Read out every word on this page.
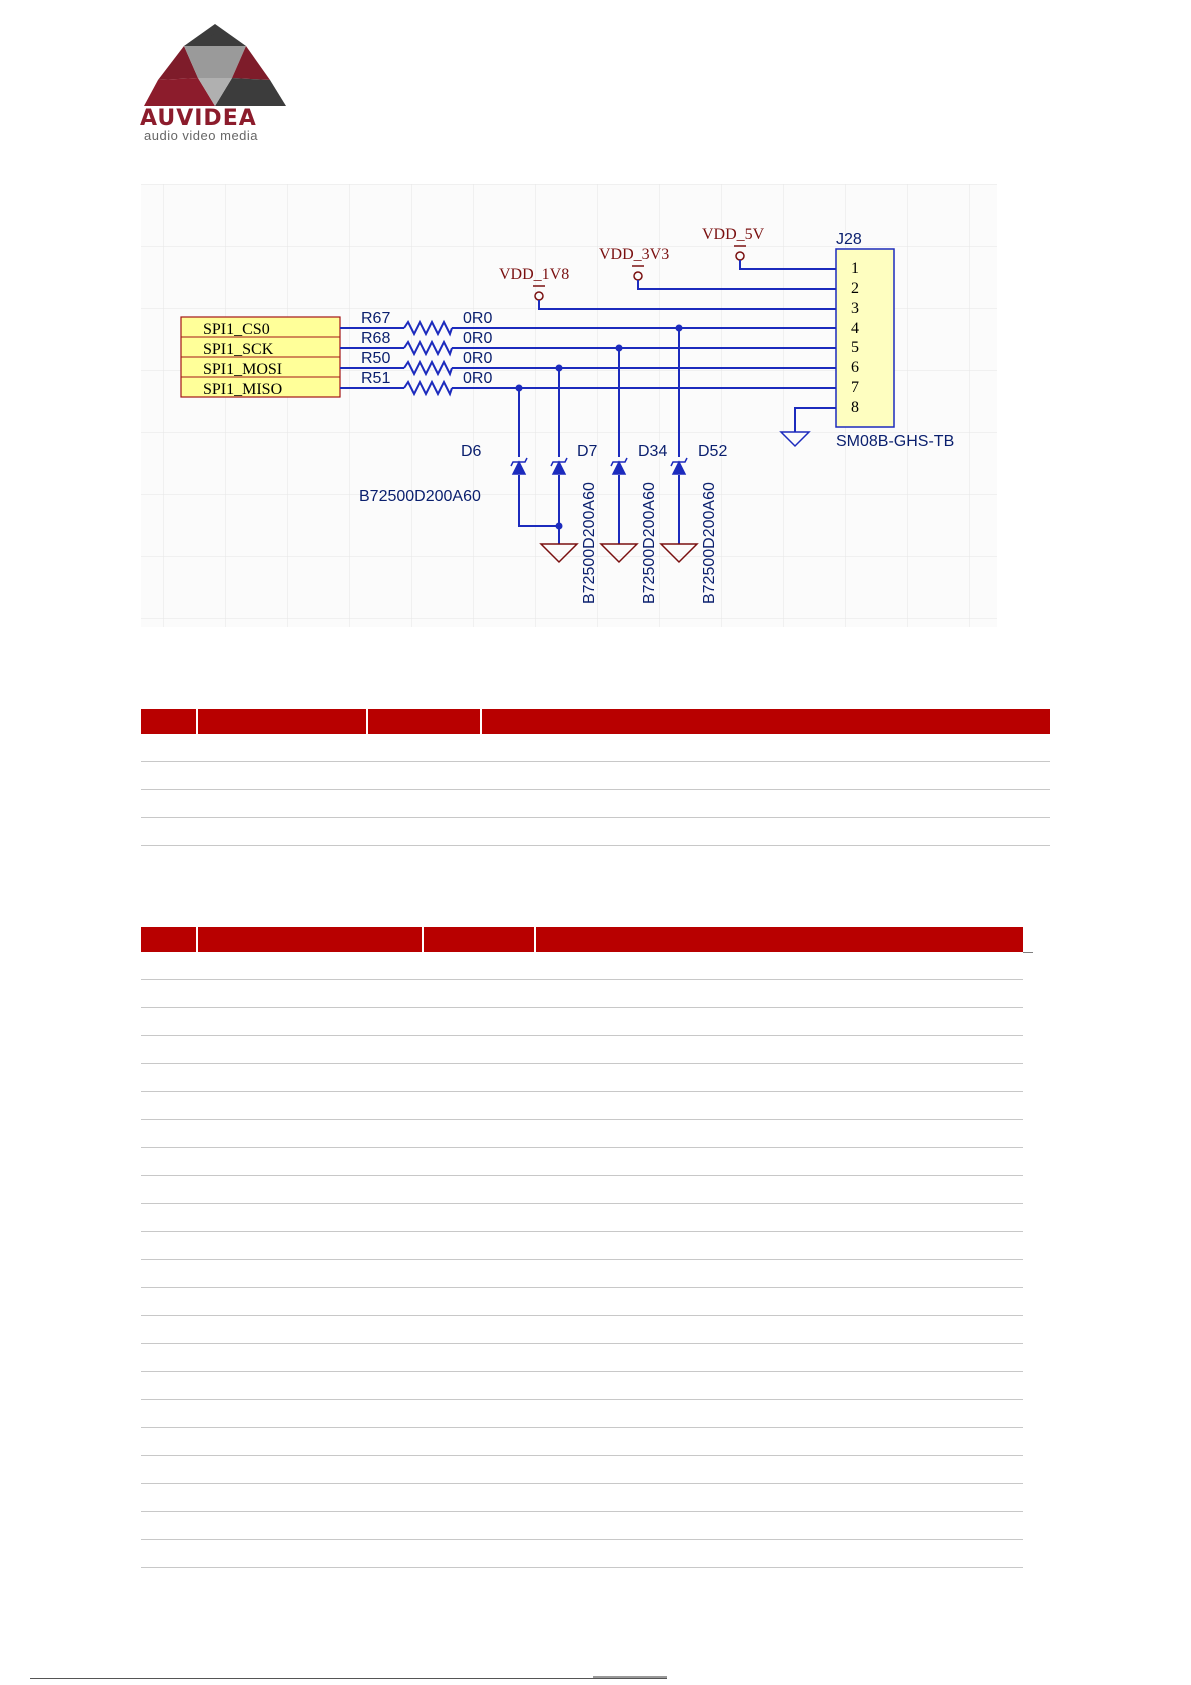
AUVIDEA
audio video media
J28
1
2
3
4
5
6
7
8
SM08B-GHS-TB
VDD_5V
VDD_3V3
VDD_1V8
SPI1_CS0
SPI1_SCK
SPI1_MOSI
SPI1_MISO
R67	0R0
R68	0R0
R50	0R0
R51	0R0
D6	D7	D34 D52
B72500D200A60	B72500D200A60	B72500D200A60	B72500D200A60
